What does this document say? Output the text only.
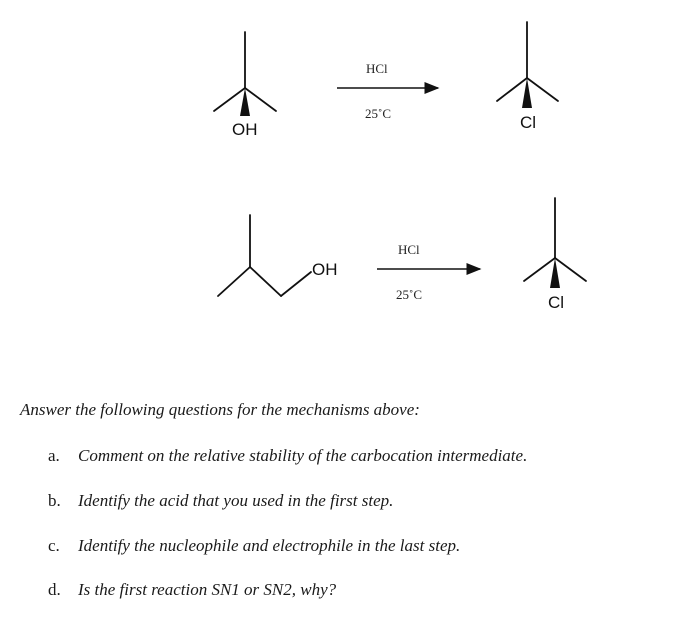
OH
HCl
25˚C	Cl
OH
HCl
25˚C	Cl

Answer the following questions for the mechanisms above:

a. Comment on the relative stability of the carbocation intermediate.
b. Identify the acid that you used in the first step.
c. Identify the nucleophile and electrophile in the last step.
d. Is the first reaction SN1 or SN2, why?
